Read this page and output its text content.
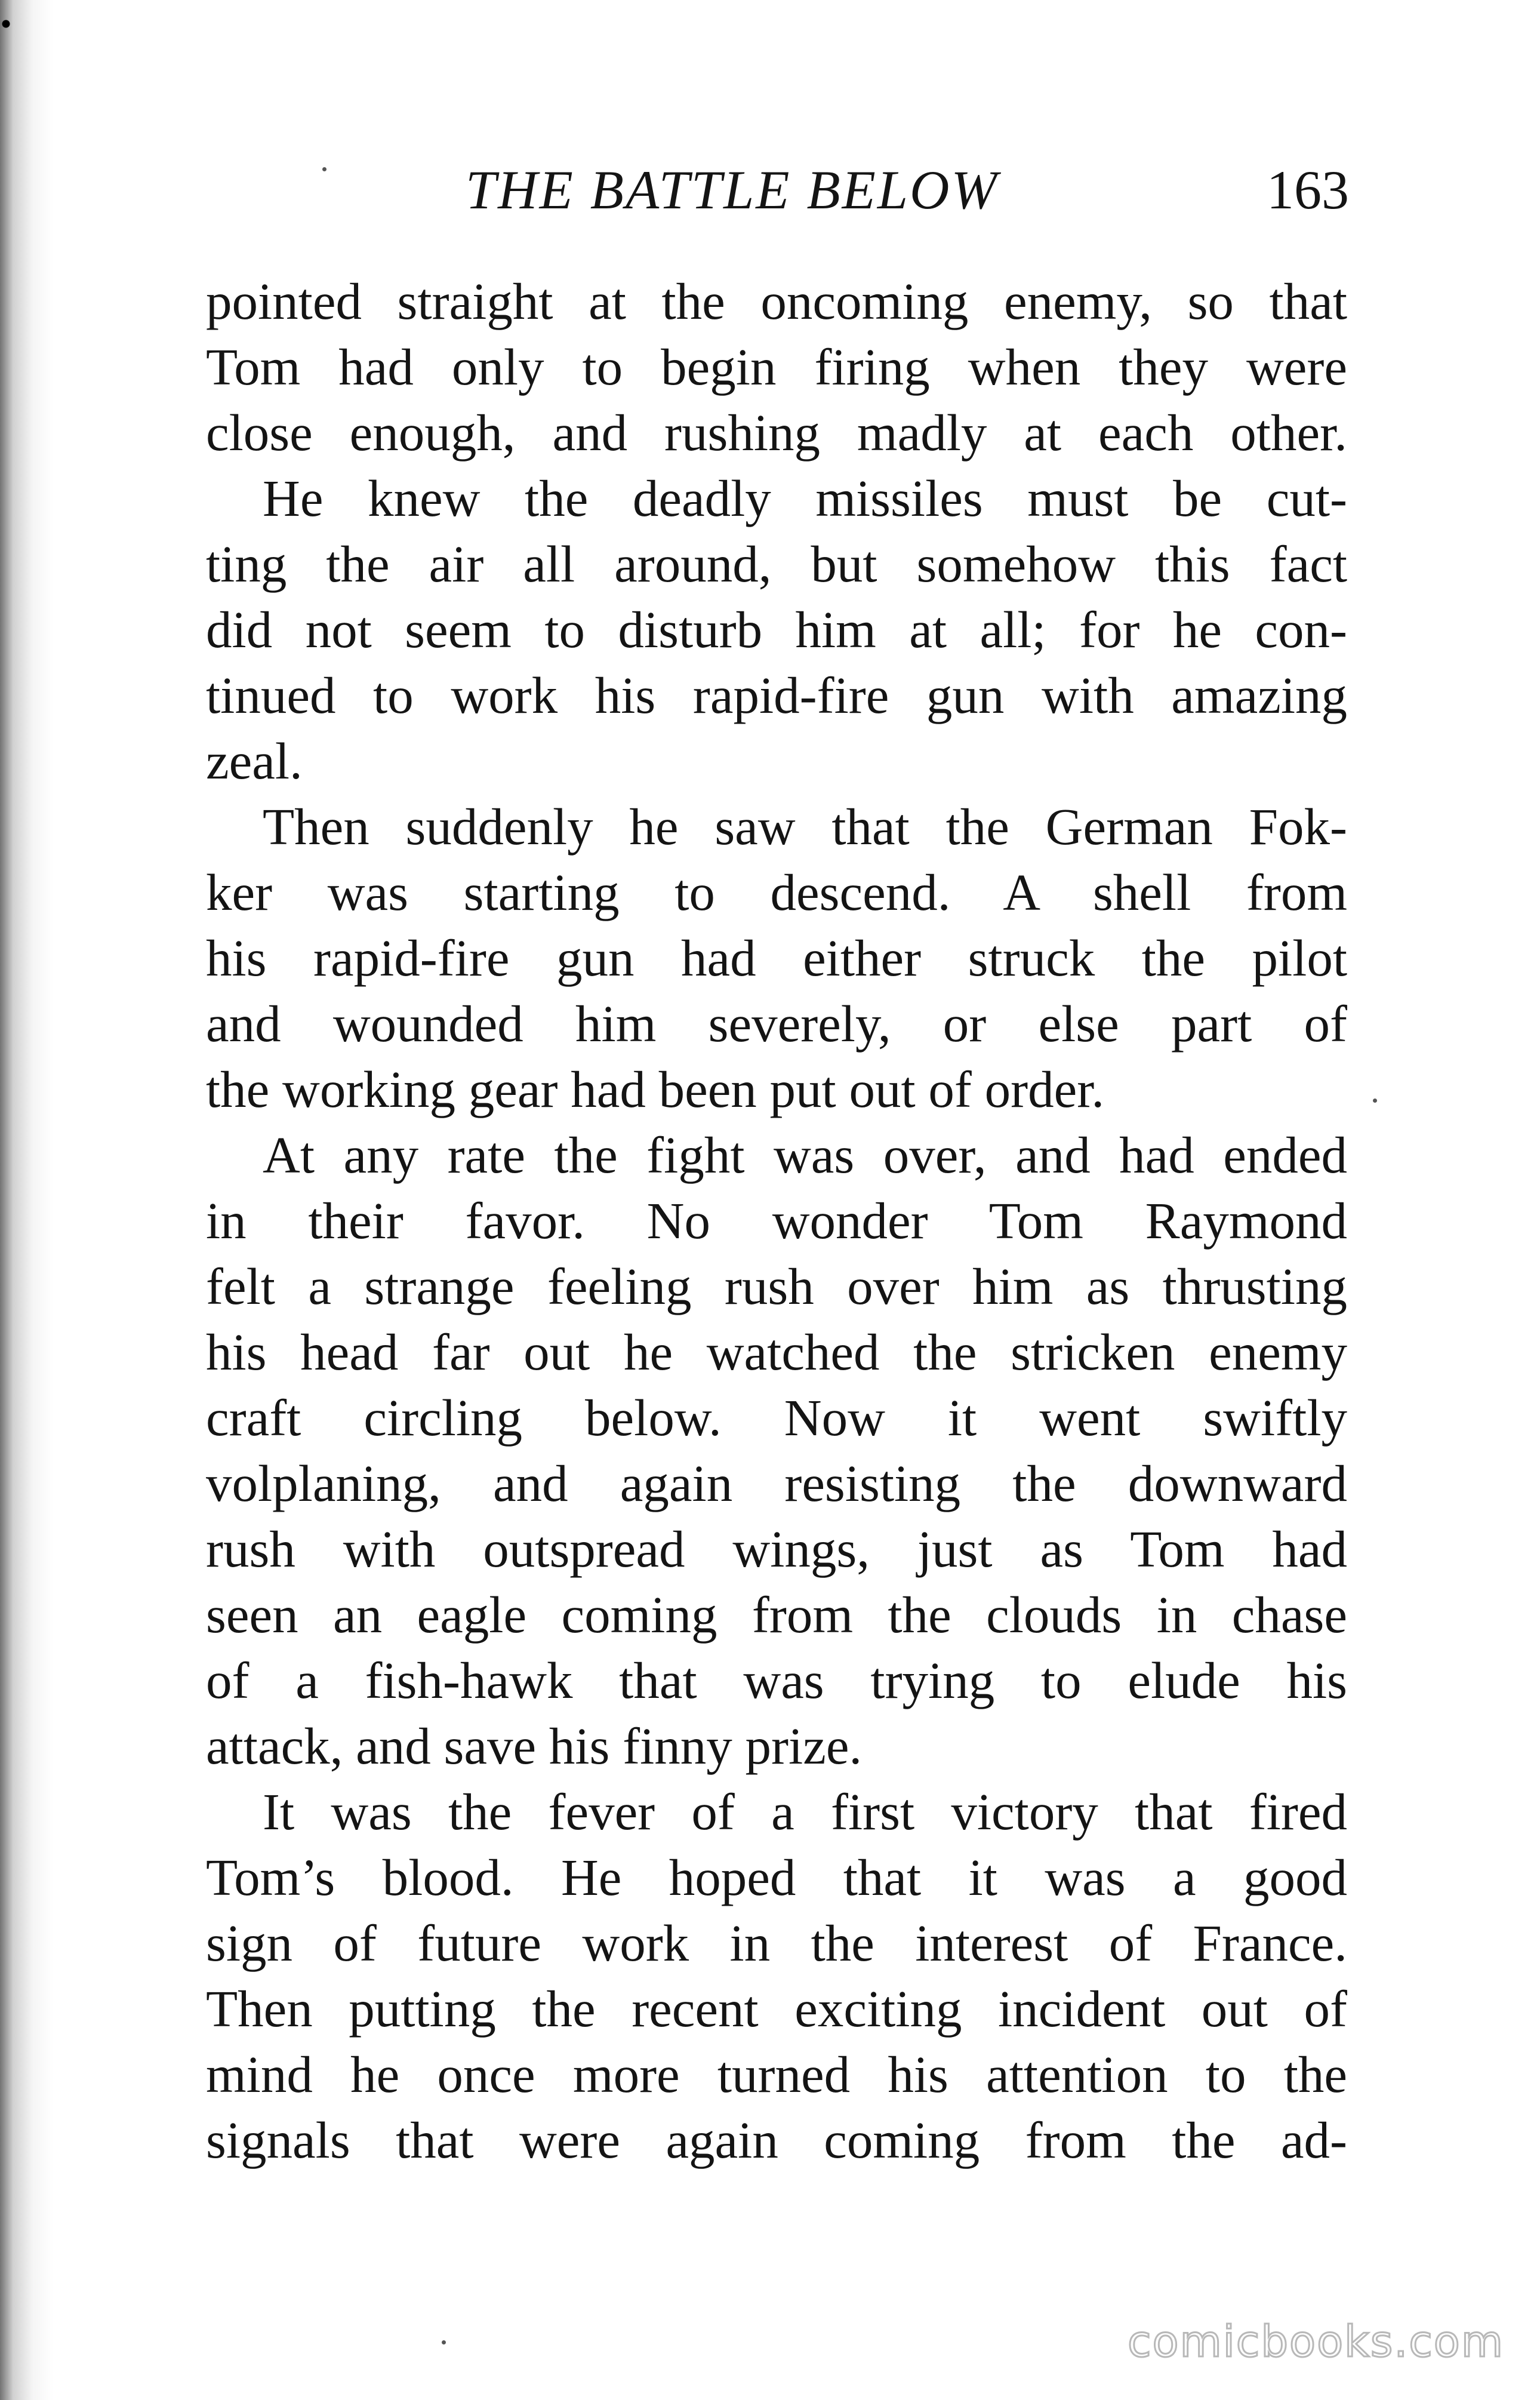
THE BATTLE BELOW	163
pointed straight at the oncoming enemy, so that
Tom had only to begin firing when they were
close enough, and rushing madly at each other.
He knew the deadly missiles must be cut-
ting the air all around, but somehow this fact
did not seem to disturb him at all; for he con-
tinued to work his rapid-fire gun with amazing
zeal.
Then suddenly he saw that the German Fok-
ker was starting to descend. A shell from
his rapid-fire gun had either struck the pilot
and wounded him severely, or else part of
the working gear had been put out of order.
At any rate the fight was over, and had ended
in their favor. No wonder Tom Raymond
felt a strange feeling rush over him as thrusting
his head far out he watched the stricken enemy
craft circling below. Now it went swiftly
volplaning, and again resisting the downward
rush with outspread wings, just as Tom had
seen an eagle coming from the clouds in chase
of a fish-hawk that was trying to elude his
attack, and save his finny prize.
It was the fever of a first victory that fired
Tom’s blood. He hoped that it was a good
sign of future work in the interest of France.
Then putting the recent exciting incident out of
mind he once more turned his attention to the
signals that were again coming from the ad-
comicbooks.com
